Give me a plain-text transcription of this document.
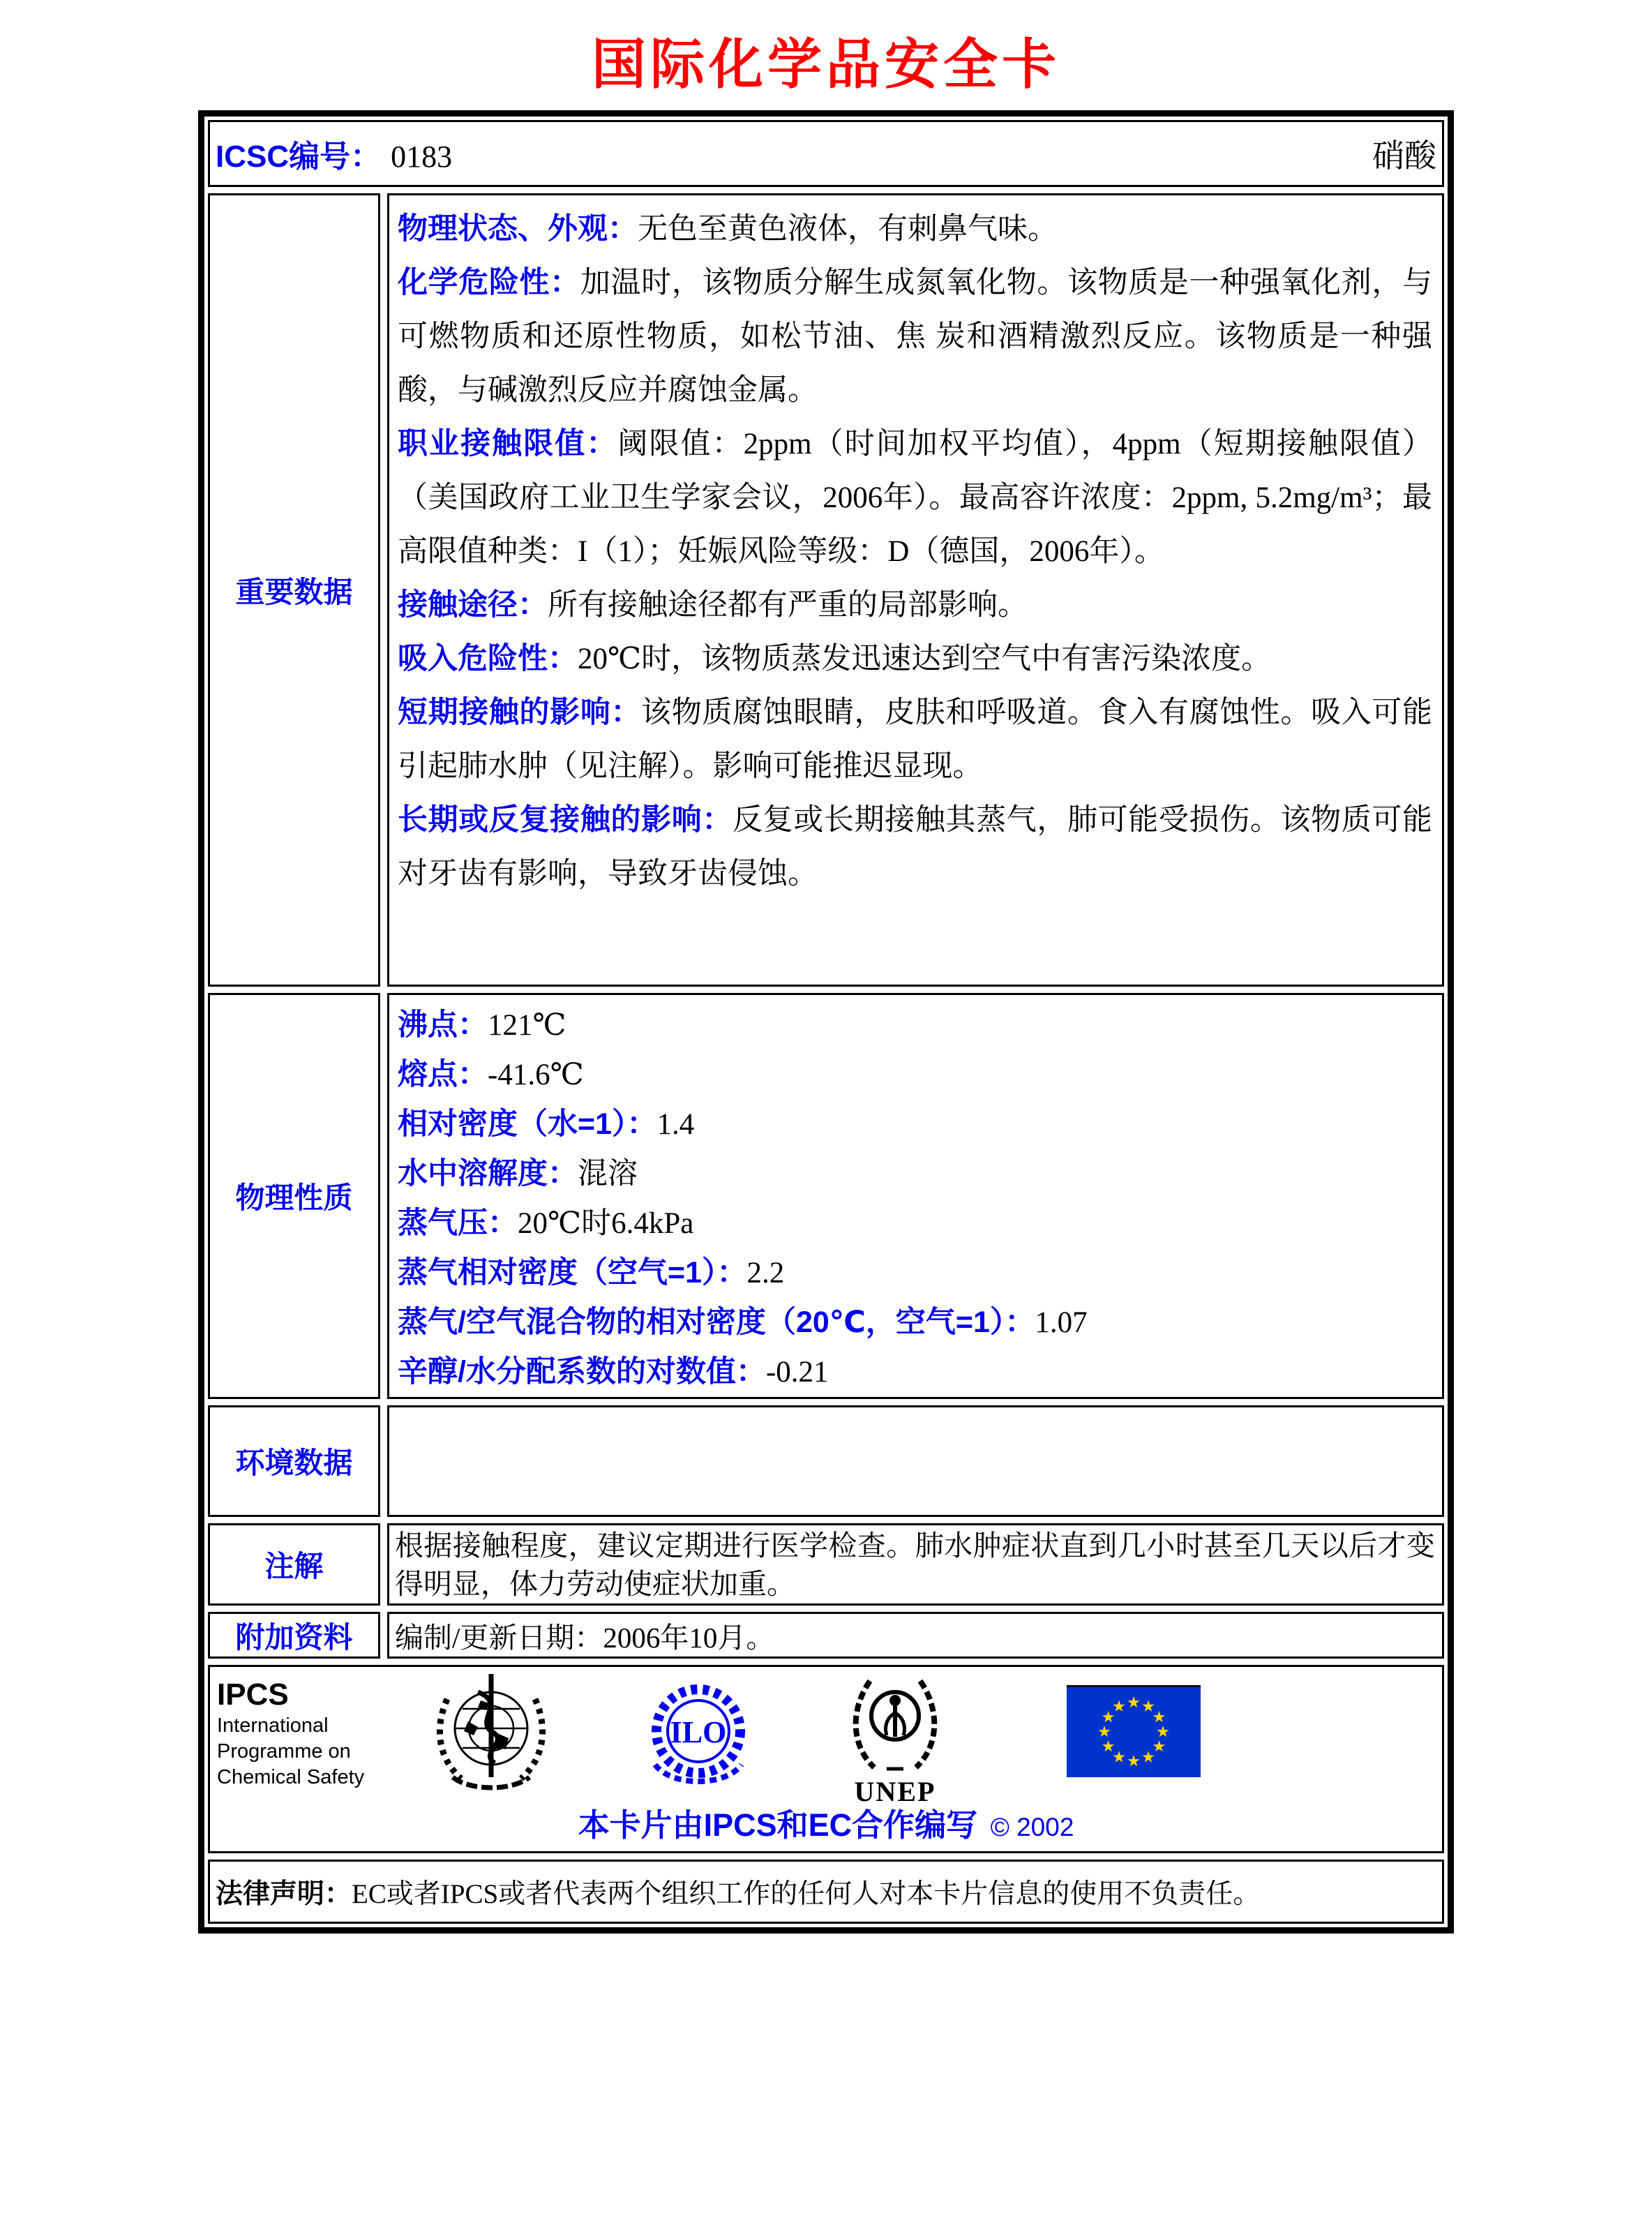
国际化学品安全卡
ICSC编号： 0183	硝酸
重要数据
物理状态、外观：无色至黄色液体，有刺鼻气味。
化学危险性：加温时，该物质分解生成氮氧化物。该物质是一种强氧化剂，与可燃物质和还原性物质，如松节油、焦 炭和酒精激烈反应。该物质是一种强酸，与碱激烈反应并腐蚀金属。
职业接触限值：阈限值：2ppm（时间加权平均值），4ppm（短期接触限值）（美国政府工业卫生学家会议，2006年）。最高容许浓度：2ppm, 5.2mg/m³；最高限值种类：I（1）；妊娠风险等级：D（德国，2006年）。
接触途径：所有接触途径都有严重的局部影响。
吸入危险性：20℃时，该物质蒸发迅速达到空气中有害污染浓度。
短期接触的影响：该物质腐蚀眼睛，皮肤和呼吸道。食入有腐蚀性。吸入可能引起肺水肿（见注解）。影响可能推迟显现。
长期或反复接触的影响：反复或长期接触其蒸气，肺可能受损伤。该物质可能对牙齿有影响，导致牙齿侵蚀。
物理性质
沸点：121℃
熔点：-41.6℃
相对密度（水=1）：1.4
水中溶解度：混溶
蒸气压：20℃时6.4kPa
蒸气相对密度（空气=1）：2.2
蒸气/空气混合物的相对密度（20℃，空气=1）：1.07
辛醇/水分配系数的对数值：-0.21
环境数据
注解
根据接触程度，建议定期进行医学检查。肺水肿症状直到几小时甚至几天以后才变得明显，体力劳动使症状加重。
附加资料	编制/更新日期：2006年10月。
IPCS
International
Programme on
Chemical Safety
ILO
UNEP
本卡片由IPCS和EC合作编写 © 2002
法律声明： EC或者IPCS或者代表两个组织工作的任何人对本卡片信息的使用不负责任。
